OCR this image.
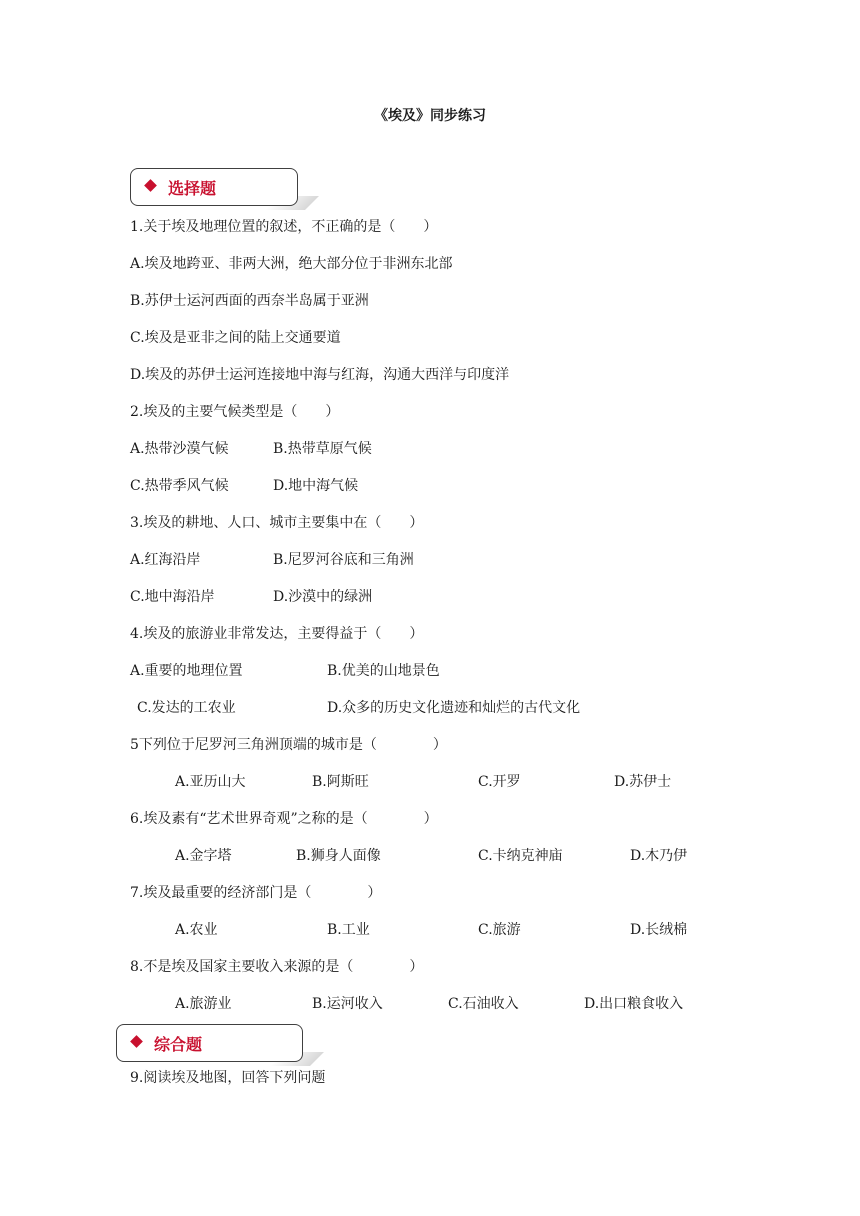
《埃及》同步练习
选择题
1.关于埃及地理位置的叙述，不正确的是（　　）
A.埃及地跨亚、非两大洲，绝大部分位于非洲东北部
B.苏伊士运河西面的西奈半岛属于亚洲
C.埃及是亚非之间的陆上交通要道
D.埃及的苏伊士运河连接地中海与红海，沟通大西洋与印度洋
2.埃及的主要气候类型是（　　）
A.热带沙漠气候	B.热带草原气候
C.热带季风气候	D.地中海气候
3.埃及的耕地、人口、城市主要集中在（　　）
A.红海沿岸	B.尼罗河谷底和三角洲
C.地中海沿岸	D.沙漠中的绿洲
4.埃及的旅游业非常发达，主要得益于（　　）
A.重要的地理位置	B.优美的山地景色
C.发达的工农业	D.众多的历史文化遗迹和灿烂的古代文化
5下列位于尼罗河三角洲顶端的城市是（　　　　）
A.亚历山大	B.阿斯旺	C.开罗	D.苏伊士
6.埃及素有“艺术世界奇观”之称的是（　　　　）
A.金字塔	B.狮身人面像	C.卡纳克神庙	D.木乃伊
7.埃及最重要的经济部门是（　　　　）
A.农业	B.工业	C.旅游	D.长绒棉
8.不是埃及国家主要收入来源的是（　　　　）
A.旅游业	B.运河收入	C.石油收入	D.出口粮食收入
综合题
9.阅读埃及地图，回答下列问题
